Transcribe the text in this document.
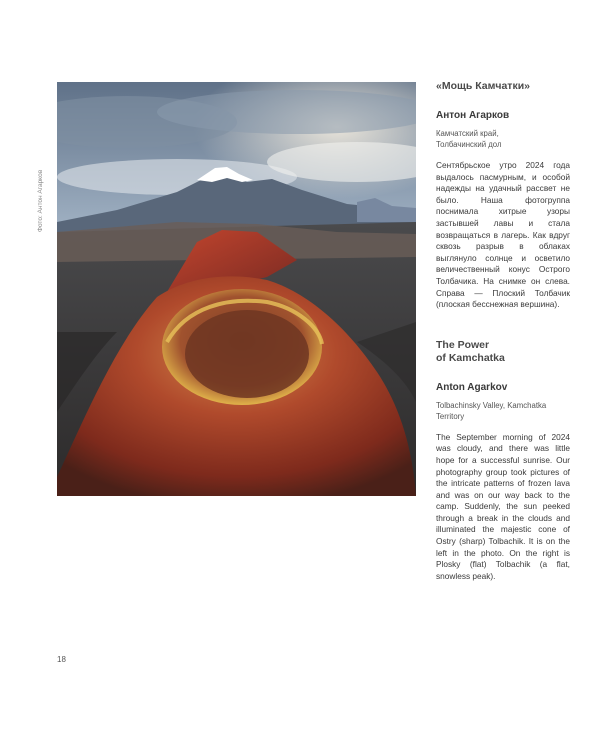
Фото: Антон Агарков
«Мощь Камчатки»
Антон Агарков
Камчатский край,
Толбачинский дол

Сентябрьское утро 2024 года выдалось пасмурным, и особой надежды на удачный рассвет не было. Наша фотогруппа поснимала хитрые узоры застывшей лавы и стала возвращаться в лагерь. Как вдруг сквозь разрыв в облаках выглянуло солнце и осветило величественный конус Острого Толбачика. На снимке он слева. Справа — Плоский Толбачик (плоская бесснежная вершина).

The Power
of Kamchatka
Anton Agarkov
Tolbachinsky Valley, Kamchatka
Territory

The September morning of 2024 was cloudy, and there was little hope for a successful sunrise. Our photography group took pictures of the intricate patterns of frozen lava and was on our way back to the camp. Suddenly, the sun peeked through a break in the clouds and illuminated the majestic cone of Ostry (sharp) Tolbachik. It is on the left in the photo. On the right is Plosky (flat) Tolbachik (a flat, snowless peak).

18
